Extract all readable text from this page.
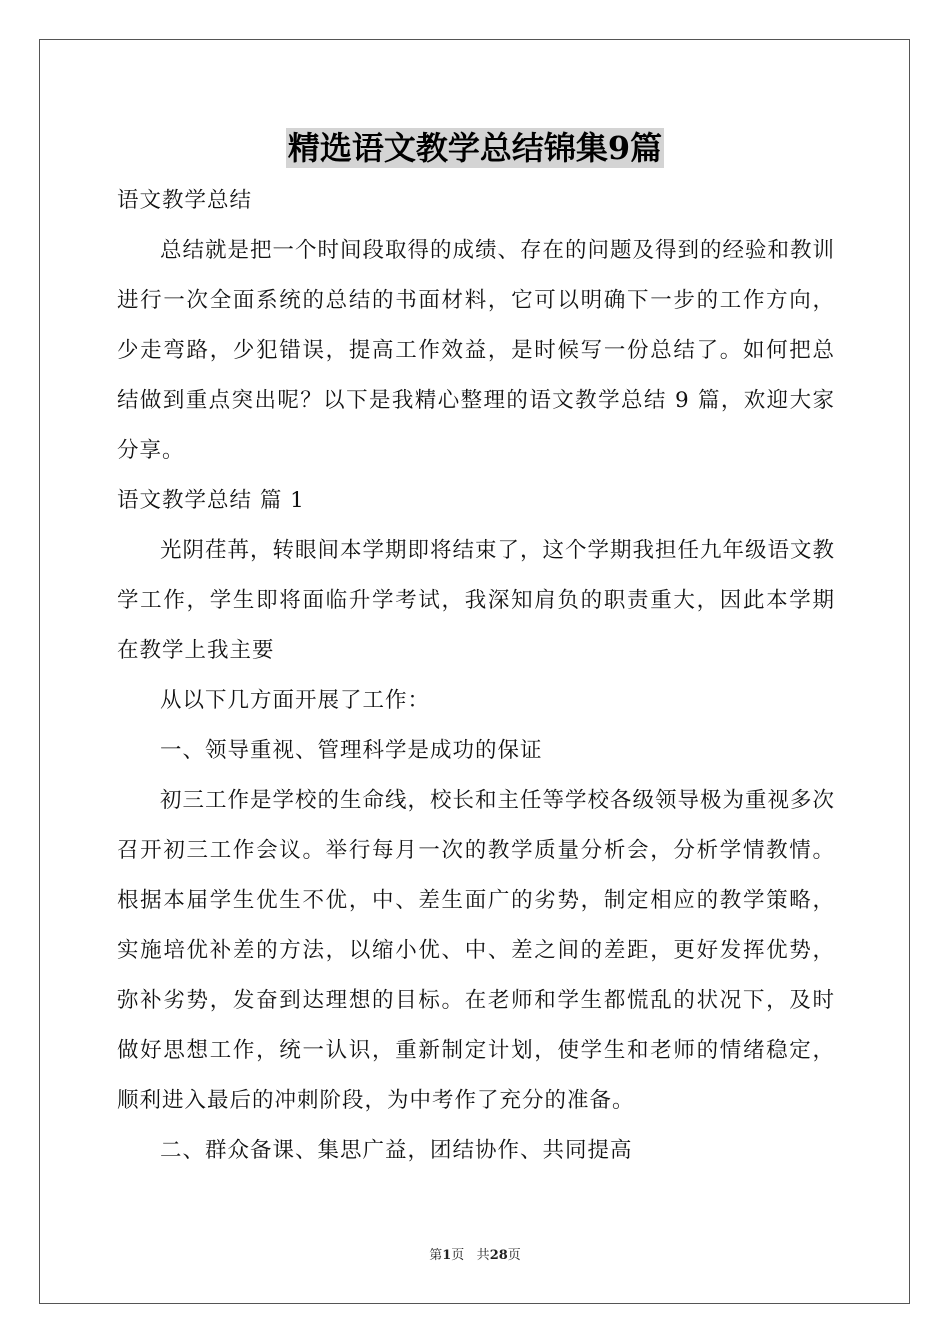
精选语文教学总结锦集9篇

语文教学总结

总结就是把一个时间段取得的成绩、存在的问题及得到的经验和教训进行一次全面系统的总结的书面材料，它可以明确下一步的工作方向，少走弯路，少犯错误，提高工作效益，是时候写一份总结了。如何把总结做到重点突出呢？以下是我精心整理的语文教学总结 9 篇，欢迎大家分享。

语文教学总结 篇 1

光阴荏苒，转眼间本学期即将结束了，这个学期我担任九年级语文教学工作，学生即将面临升学考试，我深知肩负的职责重大，因此本学期在教学上我主要

从以下几方面开展了工作：

一、领导重视、管理科学是成功的保证

初三工作是学校的生命线，校长和主任等学校各级领导极为重视多次召开初三工作会议。举行每月一次的教学质量分析会，分析学情教情。根据本届学生优生不优，中、差生面广的劣势，制定相应的教学策略，实施培优补差的方法，以缩小优、中、差之间的差距，更好发挥优势，弥补劣势，发奋到达理想的目标。在老师和学生都慌乱的状况下，及时做好思想工作，统一认识，重新制定计划，使学生和老师的情绪稳定，顺利进入最后的冲刺阶段，为中考作了充分的准备。

二、群众备课、集思广益，团结协作、共同提高

第1页 共28页
